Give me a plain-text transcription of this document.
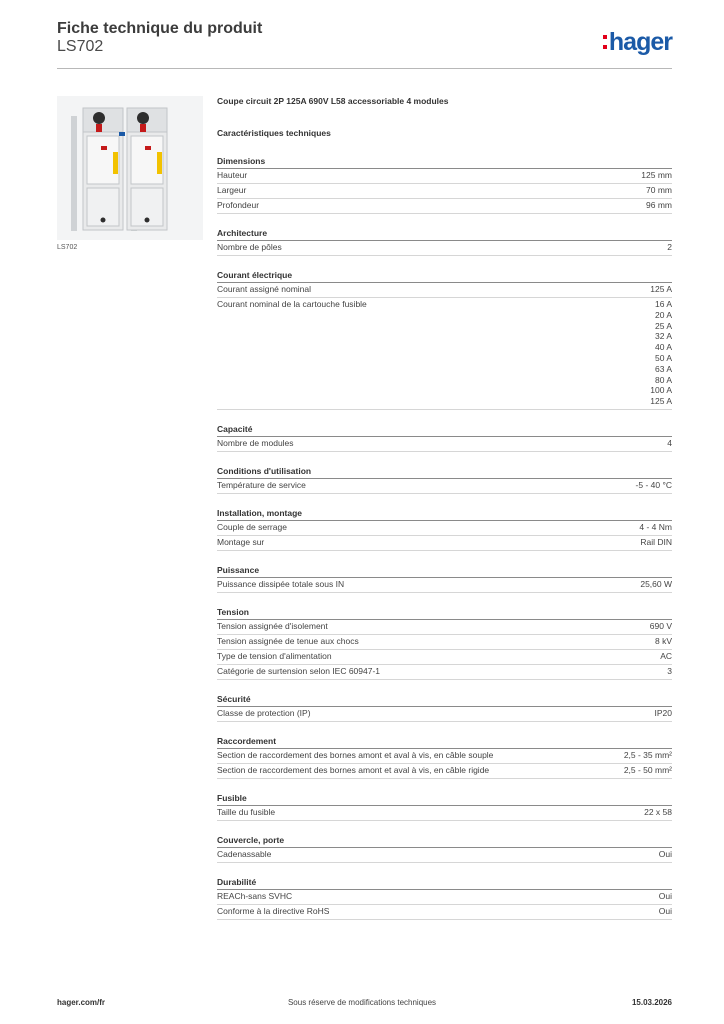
Fiche technique du produit
LS702	hager
LS702
Coupe circuit 2P 125A 690V L58 accessoriable 4 modules
Caractéristiques techniques
Dimensions
Hauteur	125 mm
Largeur	70 mm
Profondeur	96 mm
Architecture
Nombre de pôles	2
Courant électrique
Courant assigné nominal	125 A
Courant nominal de la cartouche fusible	16 A
20 A
25 A
32 A
40 A
50 A
63 A
80 A
100 A
125 A
Capacité
Nombre de modules	4
Conditions d'utilisation
Température de service	-5 - 40 °C
Installation, montage
Couple de serrage	4 - 4 Nm
Montage sur	Rail DIN
Puissance
Puissance dissipée totale sous IN	25,60 W
Tension
Tension assignée d'isolement	690 V
Tension assignée de tenue aux chocs	8 kV
Type de tension d'alimentation	AC
Catégorie de surtension selon IEC 60947-1	3
Sécurité
Classe de protection (IP)	IP20
Raccordement
Section de raccordement des bornes amont et aval à vis, en câble souple	2,5 - 35 mm²
Section de raccordement des bornes amont et aval à vis, en câble rigide	2,5 - 50 mm²
Fusible
Taille du fusible	22 x 58
Couvercle, porte
Cadenassable	Oui
Durabilité
REACh-sans SVHC	Oui
Conforme à la directive RoHS	Oui
hager.com/fr	Sous réserve de modifications techniques	15.03.2026
